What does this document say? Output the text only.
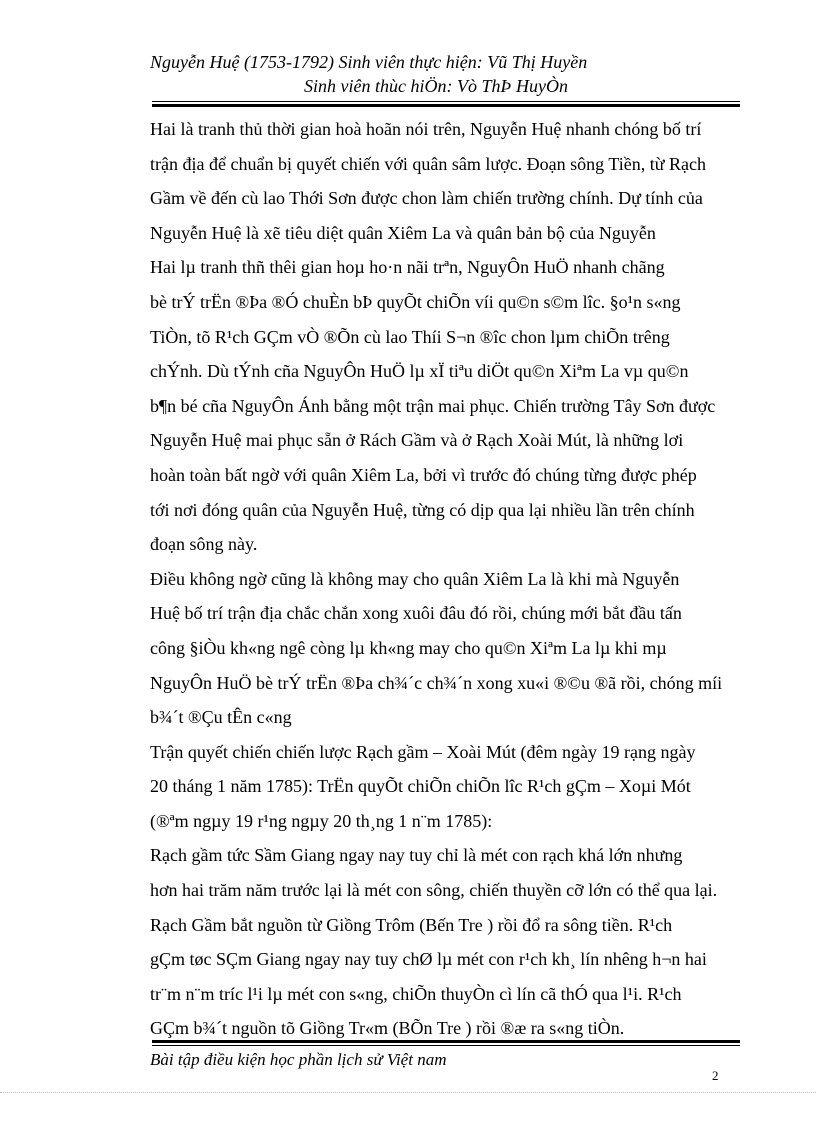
Nguyễn Huệ (1753-1792) Sinh viên thực hiện: Vũ Thị Huyền
Sinh viên thùc hiÖn: Vò ThÞ HuyÒn
Hai là tranh thủ thời gian hoà hoãn nói trên, Nguyễn Huệ nhanh chóng bố trí
trận địa để chuẩn bị quyết chiến với quân sâm lược. Đoạn sông Tiền, từ Rạch
Gầm về đến cù lao Thới Sơn được chon làm chiến trường chính. Dự tính của
Nguyễn Huệ là xẽ tiêu diệt quân Xiêm La và quân bản bộ của Nguyễn
Hai lµ tranh thñ thêi gian hoµ ho·n nãi trªn, NguyÔn HuÖ nhanh chãng
bè trÝ trËn ®Þa ®Ó chuÈn bÞ quyÕt chiÕn víi qu©n s©m lîc. §o¹n s«ng
TiÒn, tõ R¹ch GÇm vÒ ®Õn cù lao Thíi S¬n ®îc chon lµm chiÕn trêng
chÝnh. Dù tÝnh cña NguyÔn HuÖ lµ xÏ tiªu diÖt qu©n Xiªm La vµ qu©n
b¶n bé cña NguyÔn Ánh bằng một trận mai phục. Chiến trường Tây Sơn được
Nguyễn Huệ mai phục sẵn ở Rách Gầm và ở Rạch Xoài Mút, là những lơi
hoàn toàn bất ngờ với quân Xiêm La, bởi vì trước đó chúng từng được phép
tới nơi đóng quân của Nguyễn Huệ, từng có dịp qua lại nhiều lần trên chính
đoạn sông này.
Điều không ngờ cũng là không may cho quân Xiêm La là khi mà Nguyễn
Huệ bố trí trận địa chắc chắn xong xuôi đâu đó rồi, chúng mới bắt đầu tấn
công §iÒu kh«ng ngê còng lµ kh«ng may cho qu©n Xiªm La lµ khi mµ
NguyÔn HuÖ bè trÝ trËn ®Þa ch¾´c ch¾´n xong xu«i ®©u ®ã rồi, chóng míi
b¾´t ®Çu tÊn c«ng
Trận quyết chiến chiến lược Rạch gầm – Xoài Mút (đêm ngày 19 rạng ngày
20 tháng 1 năm 1785): TrËn quyÕt chiÕn chiÕn lîc R¹ch gÇm – Xoµi Mót
(®ªm ngµy 19 r¹ng ngµy 20 th¸ng 1 n¨m 1785):
Rạch gầm tức Sầm Giang ngay nay tuy chỉ là mét con rạch khá lớn nhưng
hơn hai trăm năm trước lại là mét con sông, chiến thuyền cỡ lớn có thể qua lại.
Rạch Gầm bắt nguồn từ Giồng Trôm (Bến Tre ) rồi đổ ra sông tiền. R¹ch
gÇm tøc SÇm Giang ngay nay tuy chØ lµ mét con r¹ch kh¸ lín nhêng h¬n hai
tr¨m n¨m tríc l¹i lµ mét con s«ng, chiÕn thuyÒn cì lín cã thÓ qua l¹i. R¹ch
GÇm b¾´t nguồn tõ Giồng Tr«m (BÕn Tre ) rồi ®æ ra s«ng tiÒn.
Bài tập điều kiện học phần lịch sử Việt nam
2
